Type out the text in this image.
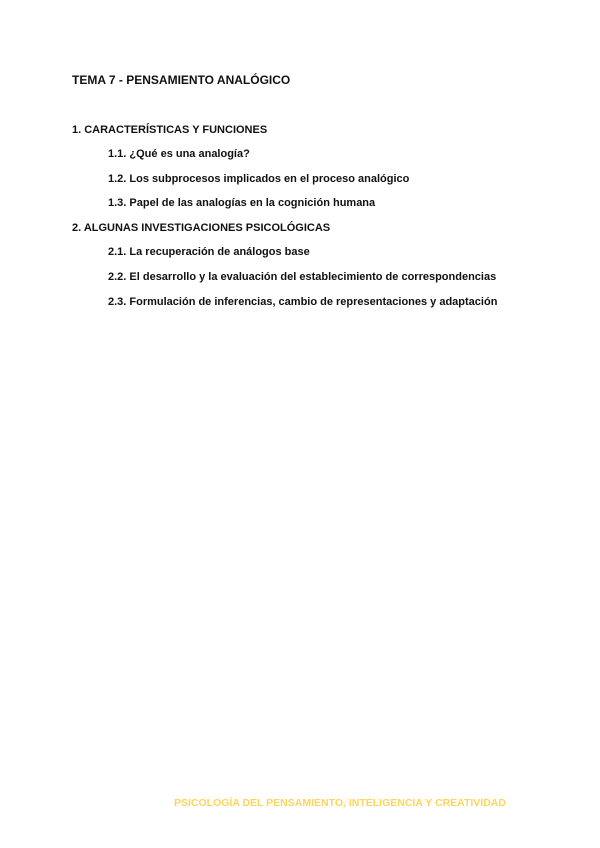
TEMA 7 - PENSAMIENTO ANALÓGICO
1. CARACTERÍSTICAS Y FUNCIONES
1.1. ¿Qué es una analogía?
1.2. Los subprocesos implicados en el proceso analógico
1.3. Papel de las analogías en la cognición humana
2. ALGUNAS INVESTIGACIONES PSICOLÓGICAS
2.1. La recuperación de análogos base
2.2. El desarrollo y la evaluación del establecimiento de correspondencias
2.3. Formulación de inferencias, cambio de representaciones y adaptación
PSICOLOGÍA DEL PENSAMIENTO, INTELIGENCIA Y CREATIVIDAD
